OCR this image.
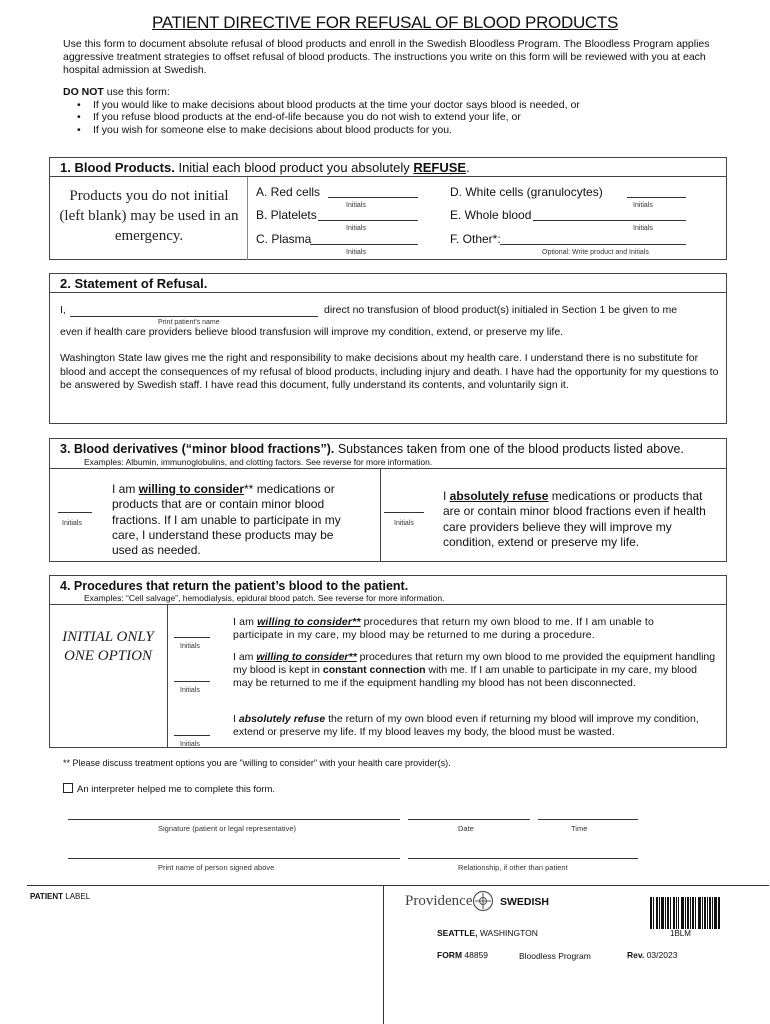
PATIENT DIRECTIVE FOR REFUSAL OF BLOOD PRODUCTS
Use this form to document absolute refusal of blood products and enroll in the Swedish Bloodless Program. The Bloodless Program applies aggressive treatment strategies to offset refusal of blood products. The instructions you write on this form will be reviewed with you at each hospital admission at Swedish.
DO NOT use this form:
• If you would like to make decisions about blood products at the time your doctor says blood is needed, or
• If you refuse blood products at the end-of-life because you do not wish to extend your life, or
• If you wish for someone else to make decisions about blood products for you.
1. Blood Products. Initial each blood product you absolutely REFUSE.
Products you do not initial (left blank) may be used in an emergency.
A. Red cells
Initials
B. Platelets
Initials
C. Plasma
Initials
D. White cells (granulocytes)
Initials
E. Whole blood
Initials
F. Other*:
Optional: Write product and Initials
2. Statement of Refusal.
I,	direct no transfusion of blood product(s) initialed in Section 1 be given to me
Print patient's name
even if health care providers believe blood transfusion will improve my condition, extend, or preserve my life.
Washington State law gives me the right and responsibility to make decisions about my health care. I understand there is no substitute for blood and accept the consequences of my refusal of blood products, including injury and death. I have had the opportunity for my questions to be answered by Swedish staff. I have read this document, fully understand its contents, and voluntarily sign it.
3. Blood derivatives (“minor blood fractions”). Substances taken from one of the blood products listed above.
Examples: Albumin, immunoglobulins, and clotting factors. See reverse for more information.
Initials
I am willing to consider** medications or products that are or contain minor blood fractions. If I am unable to participate in my care, I understand these products may be used as needed.
Initials
I absolutely refuse medications or products that are or contain minor blood fractions even if health care providers believe they will improve my condition, extend or preserve my life.
4. Procedures that return the patient’s blood to the patient.
Examples: “Cell salvage”, hemodialysis, epidural blood patch. See reverse for more information.
INITIAL ONLY ONE OPTION
Initials
I am willing to consider** procedures that return my own blood to me. If I am unable to participate in my care, my blood may be returned to me during a procedure.
Initials
I am willing to consider** procedures that return my own blood to me provided the equipment handling my blood is kept in constant connection with me. If I am unable to participate in my care, my blood may be returned to me if the equipment handling my blood has not been disconnected.
Initials
I absolutely refuse the return of my own blood even if returning my blood will improve my condition, extend or preserve my life. If my blood leaves my body, the blood must be wasted.
** Please discuss treatment options you are "willing to consider" with your health care provider(s).
An interpreter helped me to complete this form.
Signature (patient or legal representative)	Date	Time
Print name of person signed above	Relationship, if other than patient
PATIENT LABEL	Providence	SWEDISH
1BLM
SEATTLE, WASHINGTON
FORM 48859	Bloodless Program	Rev. 03/2023
